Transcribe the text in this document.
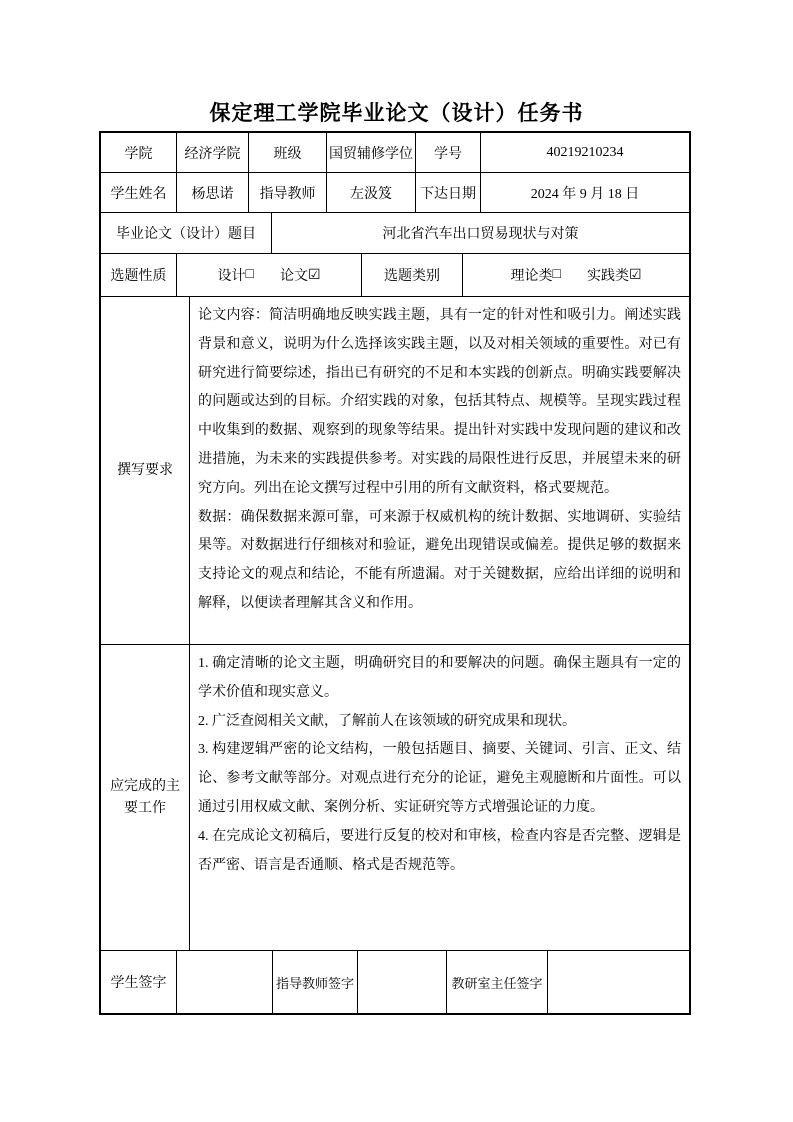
保定理工学院毕业论文（设计）任务书
学院	经济学院	班级	国贸辅修学位	学号	40219210234
学生姓名	杨思诺	指导教师	左汲笈	下达日期	2024 年 9 月 18 日
毕业论文（设计）题目	河北省汽车出口贸易现状与对策
选题性质	设计 □ 论文 ☑	选题类别	理论类 □ 实践类 ☑
撰写要求

论文内容：简洁明确地反映实践主题，具有一定的针对性和吸引力。阐述实践背景和意义，说明为什么选择该实践主题，以及对相关领域的重要性。对已有研究进行简要综述，指出已有研究的不足和本实践的创新点。明确实践要解决的问题或达到的目标。介绍实践的对象，包括其特点、规模等。呈现实践过程中收集到的数据、观察到的现象等结果。提出针对实践中发现问题的建议和改进措施，为未来的实践提供参考。对实践的局限性进行反思，并展望未来的研究方向。列出在论文撰写过程中引用的所有文献资料，格式要规范。

数据：确保数据来源可靠，可来源于权威机构的统计数据、实地调研、实验结果等。对数据进行仔细核对和验证，避免出现错误或偏差。提供足够的数据来支持论文的观点和结论，不能有所遗漏。对于关键数据，应给出详细的说明和解释，以便读者理解其含义和作用。

应完成的主要工作

1. 确定清晰的论文主题，明确研究目的和要解决的问题。确保主题具有一定的学术价值和现实意义。

2. 广泛查阅相关文献，了解前人在该领域的研究成果和现状。

3. 构建逻辑严密的论文结构，一般包括题目、摘要、关键词、引言、正文、结论、参考文献等部分。对观点进行充分的论证，避免主观臆断和片面性。可以通过引用权威文献、案例分析、实证研究等方式增强论证的力度。

4. 在完成论文初稿后，要进行反复的校对和审核，检查内容是否完整、逻辑是否严密、语言是否通顺、格式是否规范等。

学生签字	指导教师签字	教研室主任签字
